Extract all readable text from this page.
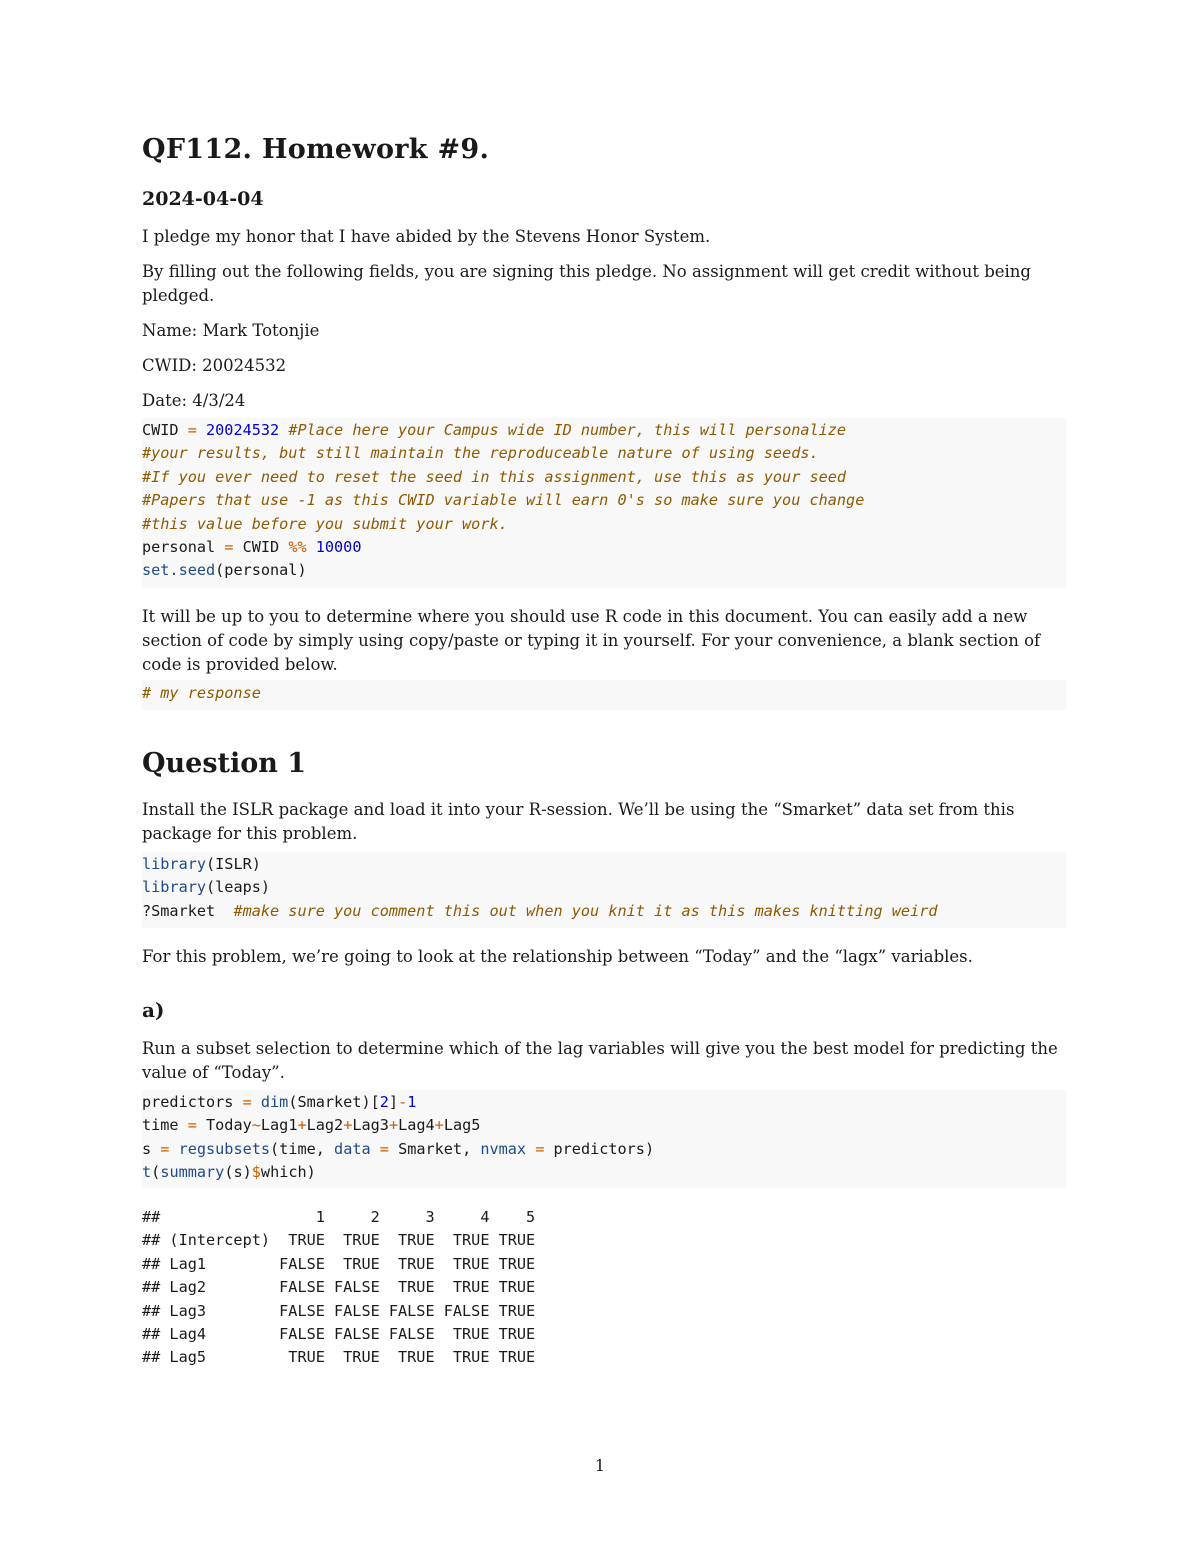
QF112. Homework #9.
2024-04-04
I pledge my honor that I have abided by the Stevens Honor System.
By filling out the following fields, you are signing this pledge. No assignment will get credit without being
pledged.
Name: Mark Totonjie
CWID: 20024532
Date: 4/3/24
CWID = 20024532 #Place here your Campus wide ID number, this will personalize
#your results, but still maintain the reproduceable nature of using seeds.
#If you ever need to reset the seed in this assignment, use this as your seed
#Papers that use -1 as this CWID variable will earn 0's so make sure you change
#this value before you submit your work.
personal = CWID %% 10000
set.seed(personal)
It will be up to you to determine where you should use R code in this document. You can easily add a new
section of code by simply using copy/paste or typing it in yourself. For your convenience, a blank section of
code is provided below.
# my response
Question 1
Install the ISLR package and load it into your R-session. We’ll be using the “Smarket” data set from this
package for this problem.
library(ISLR)
library(leaps)
?Smarket  #make sure you comment this out when you knit it as this makes knitting weird
For this problem, we’re going to look at the relationship between “Today” and the “lagx” variables.
a)
Run a subset selection to determine which of the lag variables will give you the best model for predicting the
value of “Today”.
predictors = dim(Smarket)[2]-1
time = Today~Lag1+Lag2+Lag3+Lag4+Lag5
s = regsubsets(time, data = Smarket, nvmax = predictors)
t(summary(s)$which)
##                 1     2     3     4    5
## (Intercept)  TRUE  TRUE  TRUE  TRUE TRUE
## Lag1        FALSE  TRUE  TRUE  TRUE TRUE
## Lag2        FALSE FALSE  TRUE  TRUE TRUE
## Lag3        FALSE FALSE FALSE FALSE TRUE
## Lag4        FALSE FALSE FALSE  TRUE TRUE
## Lag5         TRUE  TRUE  TRUE  TRUE TRUE
1
